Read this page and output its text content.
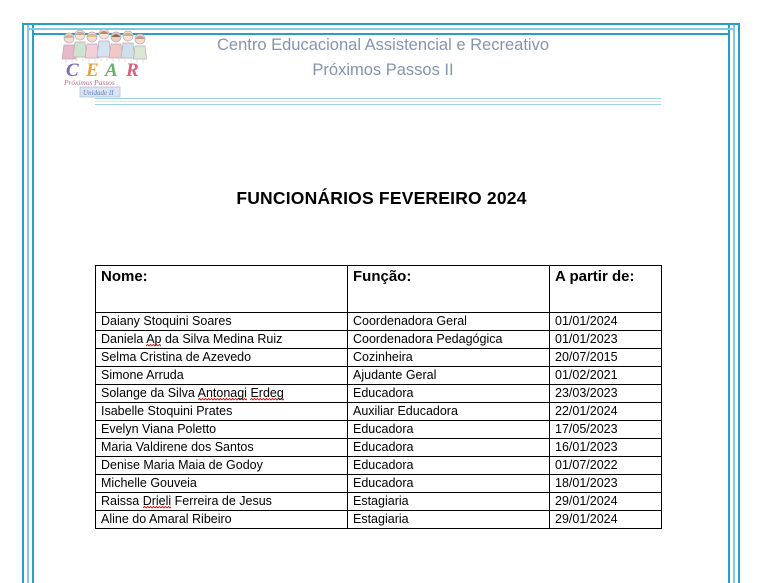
C E A R
Próximos Passos
Unidade II
Centro Educacional Assistencial e Recreativo
Próximos Passos II
FUNCIONÁRIOS FEVEREIRO 2024
Nome:	Função:	A partir de:
Daiany Stoquini Soares	Coordenadora Geral	01/01/2024
Daniela Ap da Silva Medina Ruiz	Coordenadora Pedagógica	01/01/2023
Selma Cristina de Azevedo	Cozinheira	20/07/2015
Simone Arruda	Ajudante Geral	01/02/2021
Solange da Silva Antonagi Erdeg	Educadora	23/03/2023
Isabelle Stoquini Prates	Auxiliar Educadora	22/01/2024
Evelyn Viana Poletto	Educadora	17/05/2023
Maria Valdirene dos Santos	Educadora	16/01/2023
Denise Maria Maia de Godoy	Educadora	01/07/2022
Michelle Gouveia	Educadora	18/01/2023
Raissa Drieli Ferreira de Jesus	Estagiaria	29/01/2024
Aline do Amaral Ribeiro	Estagiaria	29/01/2024
